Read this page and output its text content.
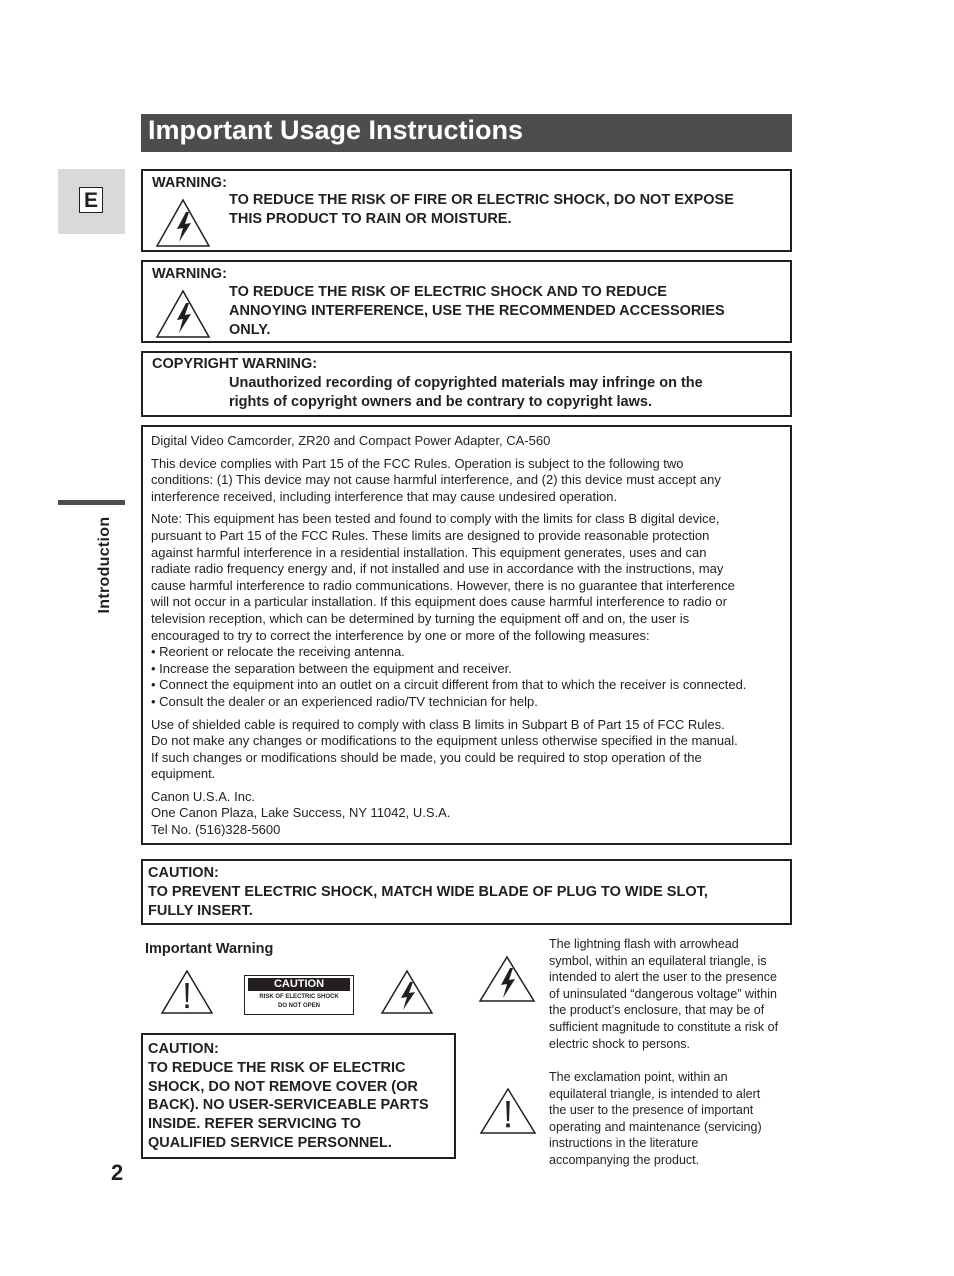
Important Usage Instructions
E
Introduction
WARNING:
TO REDUCE THE RISK OF FIRE OR ELECTRIC SHOCK, DO NOT EXPOSE
THIS PRODUCT TO RAIN OR MOISTURE.
WARNING:
TO REDUCE THE RISK OF ELECTRIC SHOCK AND TO REDUCE
ANNOYING INTERFERENCE, USE THE RECOMMENDED ACCESSORIES
ONLY.
COPYRIGHT WARNING:
Unauthorized recording of copyrighted materials may infringe on the
rights of copyright owners and be contrary to copyright laws.

Digital Video Camcorder, ZR20 and Compact Power Adapter, CA-560

This device complies with Part 15 of the FCC Rules. Operation is subject to the following two
conditions: (1) This device may not cause harmful interference, and (2) this device must accept any
interference received, including interference that may cause undesired operation.

Note: This equipment has been tested and found to comply with the limits for class B digital device,
pursuant to Part 15 of the FCC Rules. These limits are designed to provide reasonable protection
against harmful interference in a residential installation. This equipment generates, uses and can
radiate radio frequency energy and, if not installed and use in accordance with the instructions, may
cause harmful interference to radio communications. However, there is no guarantee that interference
will not occur in a particular installation. If this equipment does cause harmful interference to radio or
television reception, which can be determined by turning the equipment off and on, the user is
encouraged to try to correct the interference by one or more of the following measures:
• Reorient or relocate the receiving antenna.
• Increase the separation between the equipment and receiver.
• Connect the equipment into an outlet on a circuit different from that to which the receiver is connected.
• Consult the dealer or an experienced radio/TV technician for help.

Use of shielded cable is required to comply with class B limits in Subpart B of Part 15 of FCC Rules.
Do not make any changes or modifications to the equipment unless otherwise specified in the manual.
If such changes or modifications should be made, you could be required to stop operation of the
equipment.

Canon U.S.A. Inc.
One Canon Plaza, Lake Success, NY 11042, U.S.A.
Tel No. (516)328-5600

CAUTION:
TO PREVENT ELECTRIC SHOCK, MATCH WIDE BLADE OF PLUG TO WIDE SLOT,
FULLY INSERT.
Important Warning
CAUTION
RISK OF ELECTRIC SHOCK
DO NOT OPEN
CAUTION:
TO REDUCE THE RISK OF ELECTRIC
SHOCK, DO NOT REMOVE COVER (OR
BACK). NO USER-SERVICEABLE PARTS
INSIDE. REFER SERVICING TO
QUALIFIED SERVICE PERSONNEL.
The lightning flash with arrowhead
symbol, within an equilateral triangle, is
intended to alert the user to the presence
of uninsulated “dangerous voltage” within
the product’s enclosure, that may be of
sufficient magnitude to constitute a risk of
electric shock to persons.
The exclamation point, within an
equilateral triangle, is intended to alert
the user to the presence of important
operating and maintenance (servicing)
instructions in the literature
accompanying the product.
2
